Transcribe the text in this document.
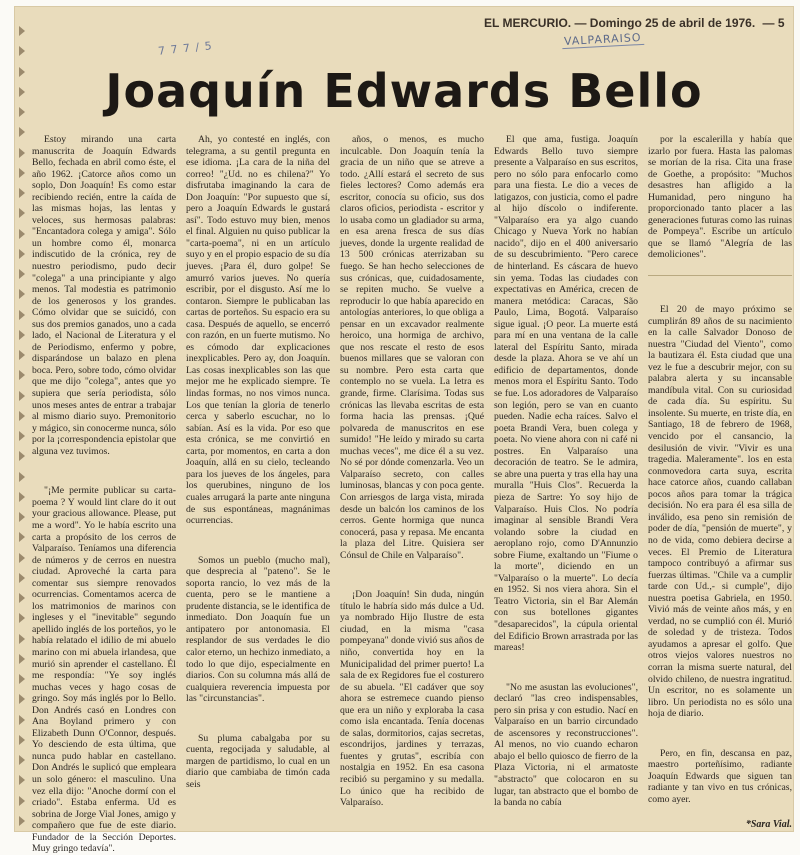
EL MERCURIO. — Domingo 25 de abril de 1976. — 5
VALPARAISO
7 7 7 / 5
Joaquín Edwards Bello

Estoy mirando una carta manuscrita de Joaquín Edwards Bello, fechada en abril como éste, el año 1962. ¡Catorce años como un soplo, Don Joaquín! Es como estar recibiendo recién, entre la caída de las mismas hojas, las lentas y veloces, sus hermosas palabras: "Encantadora colega y amiga". Sólo un hombre como él, monarca indiscutido de la crónica, rey de nuestro periodismo, pudo decir "colega" a una principiante y algo menos. Tal modestia es patrimonio de los generosos y los grandes. Cómo olvidar que se suicidó, con sus dos premios ganados, uno a cada lado, el Nacional de Literatura y el de Periodismo, enfermo y pobre, disparándose un balazo en plena boca. Pero, sobre todo, cómo olvidar que me dijo "colega", antes que yo supiera que sería periodista, sólo unos meses antes de entrar a trabajar al mismo diario suyo. Premonitorio y mágico, sin conocerme nunca, sólo por la ¡correspondencia epistolar que alguna vez tuvimos.

"¡Me permite publicar su carta-poema ? Y would lint clare do it out your gracious allowance. Please, put me a word". Yo le había escrito una carta a propósito de los cerros de Valparaíso. Teníamos una diferencia de números y de cerros en nuestra ciudad. Aproveché la carta para comentar sus siempre renovados ocurrencias. Comentamos acerca de los matrimonios de marinos con ingleses y el "inevitable" segundo apellido inglés de los porteños, yo le había relatado el idilio de mi abuelo marino con mi abuela irlandesa, que murió sin aprender el castellano. Él me respondía: "Ye soy inglés muchas veces y hago cosas de gringo. Soy más inglés por lo Bello. Don Andrés casó en Londres con Ana Boyland primero y con Elizabeth Dunn O'Connor, después. Yo desciendo de esta última, que nunca pudo hablar en castellano. Don Andrés le suplicó que empleara un solo género: el masculino. Una vez ella dijo: "Anoche dormí con el criado". Estaba enferma. Ud es sobrina de Jorge Vial Jones, amigo y compañero que fue de este diario. Fundador de la Sección Deportes. Muy gringo tedavía".

Ah, yo contesté en inglés, con telegrama, a su gentil pregunta en ese idioma. ¡La cara de la niña del correo! "¿Ud. no es chilena?" Yo disfrutaba imaginando la cara de Don Joaquín: "Por supuesto que sí, pero a Joaquín Edwards le gustará así". Todo estuvo muy bien, menos el final. Alguien nu quiso publicar la "carta-poema", ni en un artículo suyo y en el propio espacio de su día jueves. ¡Para él, duro golpe! Se amurró varios jueves. No quería escribir, por el disgusto. Así me lo contaron. Siempre le publicaban las cartas de porteños. Su espacio era su casa. Después de aquello, se encerró con razón, en un fuerte mutismo. No es cómodo dar explicaciones inexplicables. Pero ay, don Joaquín. Las cosas inexplicables son las que mejor me he explicado siempre. Te lindas formas, no nos vimos nunca. Los que tenían la gloria de tenerlo cerca y saberlo escuchar, no lo sabían. Así es la vida. Por eso que esta crónica, se me convirtió en carta, por momentos, en carta a don Joaquín, allá en su cielo, tecleando para los jueves de los ángeles, para los querubines, ninguno de los cuales arrugará la parte ante ninguna de sus espontáneas, magnánimas ocurrencias.

Somos un pueblo (mucho mal), que desprecia al "pateno". Se le soporta rancio, lo vez más de la cuenta, pero se le mantiene a prudente distancia, se le identifica de inmediato. Don Joaquín fue un antipatero por antonomasia. El resplandor de sus verdades le dio calor eterno, un hechizo inmediato, a todo lo que dijo, especialmente en diarios. Con su columna más allá de cualquiera reverencia impuesta por las "circunstancias".

Su pluma cabalgaba por su cuenta, regocijada y saludable, al margen de partidismo, lo cual en un diario que cambiaba de timón cada seis

años, o menos, es mucho inculcable. Don Joaquín tenía la gracia de un niño que se atreve a todo. ¿Allí estará el secreto de sus fieles lectores? Como además era escritor, conocía su oficio, sus dos claros oficios, periodista - escritor y lo usaba como un gladiador su arma, en esa arena fresca de sus días jueves, donde la urgente realidad de 13 500 crónicas aterrizaban su fuego. Se han hecho selecciones de sus crónicas, que, cuidadosamente, se repiten mucho. Se vuelve a reproducir lo que había aparecido en antologías anteriores, lo que obliga a pensar en un excavador realmente heroico, una hormiga de archivo, que nos rescate el resto de esos buenos millares que se valoran con su nombre. Pero esta carta que contemplo no se vuela. La letra es grande, firme. Clarísima. Todas sus crónicas las llevaba escritas de esta forma hacia las prensas. ¡Qué polvareda de manuscritos en ese sumido! "He leído y mirado su carta muchas veces", me dice él a su vez. No sé por dónde comenzarla. Veo un Valparaíso secreto, con calles luminosas, blancas y con poca gente. Con arriesgos de larga vista, mirada desde un balcón los caminos de los cerros. Gente hormiga que nunca conocerá, pasa y repasa. Me encanta la plaza del Litre. Quisiera ser Cónsul de Chile en Valparaíso".

¡Don Joaquín! Sin duda, ningún título le habría sido más dulce a Ud. ya nombrado Hijo Ilustre de esta ciudad, en la misma "casa pompeyana" donde vivió sus años de niño, convertida hoy en la Municipalidad del primer puerto! La sala de ex Regidores fue el costurero de su abuela. "El cadáver que soy ahora se estremece cuando pienso que era un niño y exploraba la casa como isla encantada. Tenía docenas de salas, dormitorios, cajas secretas, escondrijos, jardines y terrazas, fuentes y grutas", escribía con nostalgia en 1952. En esa casona recibió su pergamino y su medalla. Lo único que ha recibido de Valparaíso.

El que ama, fustiga. Joaquín Edwards Bello tuvo siempre presente a Valparaíso en sus escritos, pero no sólo para enfocarlo como para una fiesta. Le dio a veces de latigazos, con justicia, como el padre al hijo díscolo o indiferente. "Valparaíso era ya algo cuando Chicago y Nueva York no habían nacido", dijo en el 400 aniversario de su descubrimiento. "Pero carece de hinterland. Es cáscara de huevo sin yema. Todas las ciudades con expectativas en América, crecen de manera metódica: Caracas, São Paulo, Lima, Bogotá. Valparaíso sigue igual. ¡O peor. La muerte está para mí en una ventana de la calle lateral del Espíritu Santo, mirada desde la plaza. Ahora se ve ahí un edificio de departamentos, donde menos mora el Espíritu Santo. Todo se fue. Los adoradores de Valparaíso son legión, pero se van en cuanto pueden. Nadie echa raíces. Salvo el poeta Brandi Vera, buen colega y poeta. No viene ahora con ni café ni postres. En Valparaíso una decoración de teatro. Se le admira, se abre una puerta y tras ella hay una muralla "Huis Clos". Recuerda la pieza de Sartre: Yo soy hijo de Valparaíso. Huis Clos. No podría imaginar al sensible Brandi Vera volando sobre la ciudad en aeroplano rojo, como D'Annunzio sobre Fiume, exaltando un "Fiume o la morte", diciendo en un "Valparaíso o la muerte". Lo decía en 1952. Si nos viera ahora. Sin el Teatro Victoria, sin el Bar Alemán con sus botellones gigantes "desaparecidos", la cúpula oriental del Edificio Brown arrastrada por las mareas!

"No me asustan las evoluciones", declaró "las creo indispensables, pero sin prisa y con estudio. Nací en Valparaíso en un barrio circundado de ascensores y reconstrucciones". Al menos, no vio cuando echaron abajo el bello quiosco de fierro de la Plaza Victoria, ni el armatoste "abstracto" que colocaron en su lugar, tan abstracto que el bombo de la banda no cabía

por la escalerilla y había que izarlo por fuera. Hasta las palomas se morían de la risa. Cita una frase de Goethe, a propósito: "Muchos desastres han afligido a la Humanidad, pero ninguno ha proporcionado tanto placer a las generaciones futuras como las ruinas de Pompeya". Escribe un artículo que se llamó "Alegría de las demoliciones".

El 20 de mayo próximo se cumplirán 89 años de su nacimiento en la calle Salvador Donoso de nuestra "Ciudad del Viento", como la bautizara él. Esta ciudad que una vez le fue a descubrir mejor, con su palabra alerta y su incansable mandíbula vital. Con su curiosidad de cada día. Su espíritu. Su insolente. Su muerte, en triste día, en Santiago, 18 de febrero de 1968, vencido por el cansancio, la desilusión de vivir. "Vivir es una tragedia. Maleramente". los en esta conmovedora carta suya, escrita hace catorce años, cuando callaban pocos años para tomar la trágica decisión. No era para él esa silla de inválido, esa peno sin remisión de poder de día, "pensión de muerte", y no de vida, como debiera decirse a veces. El Premio de Literatura tampoco contribuyó a afirmar sus fuerzas últimas. "Chile va a cumplir tarde con Ud.,- si cumple", dijo nuestra poetisa Gabriela, en 1950. Vivió más de veinte años más, y en verdad, no se cumplió con él. Murió de soledad y de tristeza. Todos ayudamos a apresar el golfo. Que otros viejos valores nuestros no corran la misma suerte natural, del olvido chileno, de nuestra ingratitud. Un escritor, no es solamente un libro. Un periodista no es sólo una hoja de diario.

Pero, en fin, descansa en paz, maestro porteñísimo, radiante Joaquín Edwards que siguen tan radiante y tan vivo en tus crónicas, como ayer.

*Sara Vial.
